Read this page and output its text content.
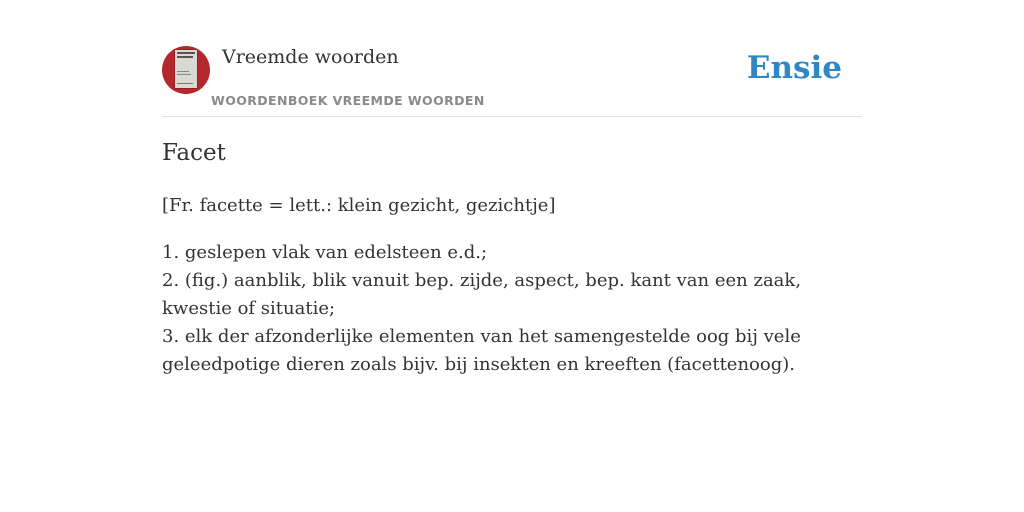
Vreemde woorden
WOORDENBOEK VREEMDE WOORDEN
Ensie
Facet
[Fr. facette = lett.: klein gezicht, gezichtje]
1. geslepen vlak van edelsteen e.d.;
2. (fig.) aanblik, blik vanuit bep. zijde, aspect, bep. kant van een zaak, kwestie of situatie;
3. elk der afzonderlijke elementen van het samengestelde oog bij vele geleedpotige dieren zoals bijv. bij insekten en kreeften (facettenoog).
